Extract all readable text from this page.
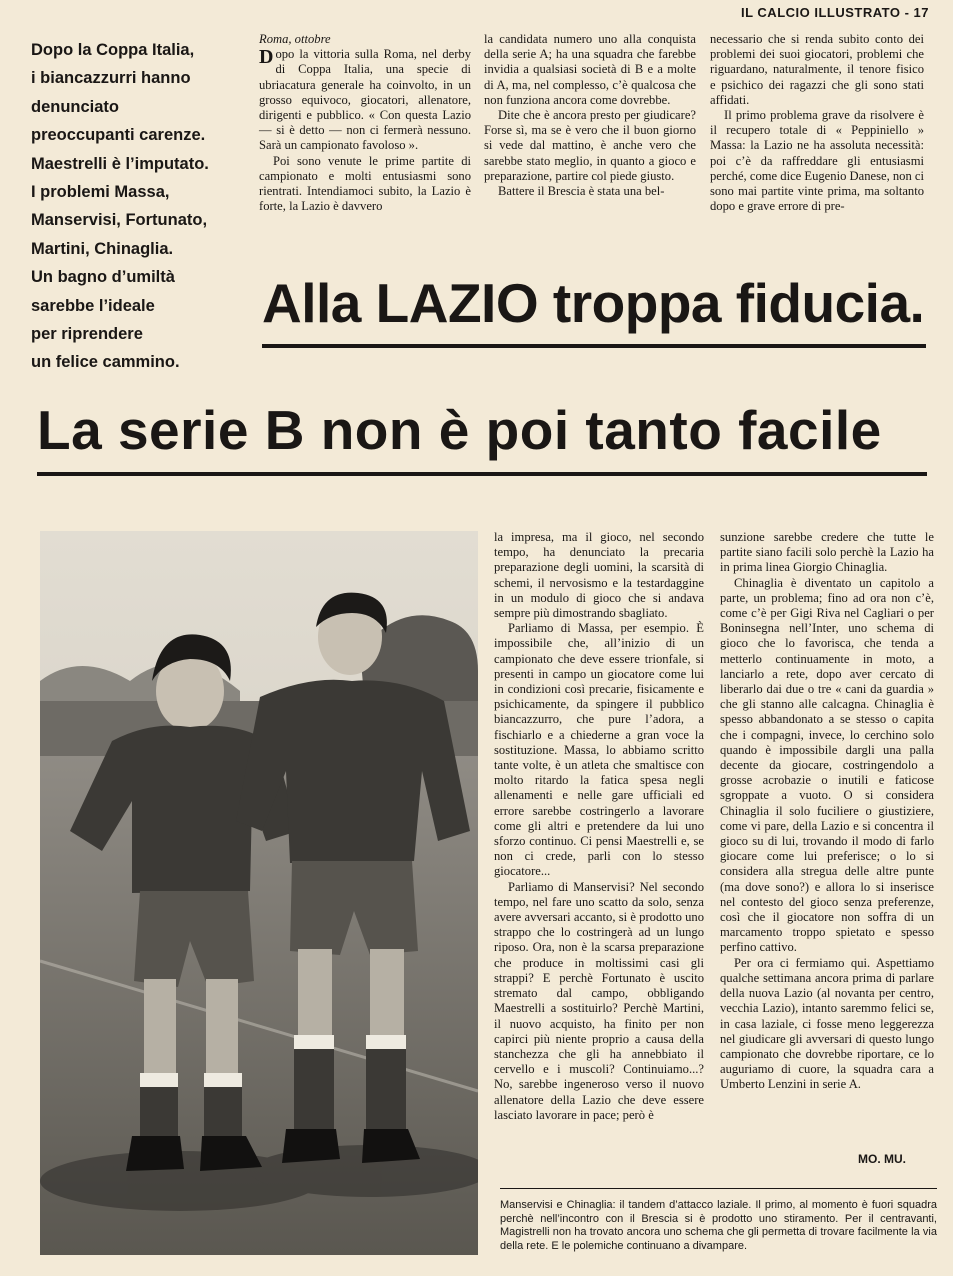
IL CALCIO ILLUSTRATO - 17
Dopo la Coppa Italia,
i biancazzurri hanno
denunciato
preoccupanti carenze.
Maestrelli è l’imputato.
I problemi Massa,
Manservisi, Fortunato,
Martini, Chinaglia.
Un bagno d’umiltà
sarebbe l’ideale
per riprendere
un felice cammino.

Roma, ottobre

Dopo la vittoria sulla Roma, nel derby di Coppa Italia, una specie di ubriacatura generale ha coinvolto, in un grosso equivoco, giocatori, allenatore, dirigenti e pubblico. « Con questa Lazio — si è detto — non ci fermerà nessuno. Sarà un campionato favoloso ».

Poi sono venute le prime partite di campionato e molti entusiasmi sono rientrati. Intendiamoci subito, la Lazio è forte, la Lazio è davvero

la candidata numero uno alla conquista della serie A; ha una squadra che farebbe invidia a qualsiasi società di B e a molte di A, ma, nel complesso, c’è qualcosa che non funziona ancora come dovrebbe.

Dite che è ancora presto per giudicare? Forse sì, ma se è vero che il buon giorno si vede dal mattino, è anche vero che sarebbe stato meglio, in quanto a gioco e preparazione, partire col piede giusto.

Battere il Brescia è stata una bel-

necessario che si renda subito conto dei problemi dei suoi giocatori, problemi che riguardano, naturalmente, il tenore fisico e psichico dei ragazzi che gli sono stati affidati.

Il primo problema grave da risolvere è il recupero totale di « Peppiniello » Massa: la Lazio ne ha assoluta necessità: poi c’è da raffreddare gli entusiasmi perché, come dice Eugenio Danese, non ci sono mai partite vinte prima, ma soltanto dopo e grave errore di pre-

Alla LAZIO troppa fiducia.
La serie B non è poi tanto facile

la impresa, ma il gioco, nel secondo tempo, ha denunciato la precaria preparazione degli uomini, la scarsità di schemi, il nervosismo e la testardaggine in un modulo di gioco che si andava sempre più dimostrando sbagliato.

Parliamo di Massa, per esempio. È impossibile che, all’inizio di un campionato che deve essere trionfale, si presenti in campo un giocatore come lui in condizioni così precarie, fisicamente e psichicamente, da spingere il pubblico biancazzurro, che pure l’adora, a fischiarlo e a chiederne a gran voce la sostituzione. Massa, lo abbiamo scritto tante volte, è un atleta che smaltisce con molto ritardo la fatica spesa negli allenamenti e nelle gare ufficiali ed errore sarebbe costringerlo a lavorare come gli altri e pretendere da lui uno sforzo continuo. Ci pensi Maestrelli e, se non ci crede, parli con lo stesso giocatore...

Parliamo di Manservisi? Nel secondo tempo, nel fare uno scatto da solo, senza avere avversari accanto, si è prodotto uno strappo che lo costringerà ad un lungo riposo. Ora, non è la scarsa preparazione che produce in moltissimi casi gli strappi? E perchè Fortunato è uscito stremato dal campo, obbligando Maestrelli a sostituirlo? Perchè Martini, il nuovo acquisto, ha finito per non capirci più niente proprio a causa della stanchezza che gli ha annebbiato il cervello e i muscoli? Continuiamo...? No, sarebbe ingeneroso verso il nuovo allenatore della Lazio che deve essere lasciato lavorare in pace; però è

sunzione sarebbe credere che tutte le partite siano facili solo perchè la Lazio ha in prima linea Giorgio Chinaglia.

Chinaglia è diventato un capitolo a parte, un problema; fino ad ora non c’è, come c’è per Gigi Riva nel Cagliari o per Boninsegna nell’Inter, uno schema di gioco che lo favorisca, che tenda a metterlo continuamente in moto, a lanciarlo a rete, dopo aver cercato di liberarlo dai due o tre « cani da guardia » che gli stanno alle calcagna. Chinaglia è spesso abbandonato a se stesso o capita che i compagni, invece, lo cerchino solo quando è impossibile dargli una palla decente da giocare, costringendolo a grosse acrobazie o inutili e faticose sgroppate a vuoto. O si considera Chinaglia il solo fuciliere o giustiziere, come vi pare, della Lazio e si concentra il gioco su di lui, trovando il modo di farlo giocare come lui preferisce; o lo si considera alla stregua delle altre punte (ma dove sono?) e allora lo si inserisce nel contesto del gioco senza preferenze, così che il giocatore non soffra di un marcamento troppo spietato e spesso perfino cattivo.

Per ora ci fermiamo qui. Aspettiamo qualche settimana ancora prima di parlare della nuova Lazio (al novanta per centro, vecchia Lazio), intanto saremmo felici se, in casa laziale, ci fosse meno leggerezza nel giudicare gli avversari di questo lungo campionato che dovrebbe riportare, ce lo auguriamo di cuore, la squadra cara a Umberto Lenzini in serie A.

MO. MU.
Manservisi e Chinaglia: il tandem d’attacco laziale. Il primo, al momento è fuori squadra perchè nell’incontro con il Brescia si è prodotto uno stiramento. Per il centravanti, Magistrelli non ha trovato ancora uno schema che gli permetta di trovare facilmente la via della rete. E le polemiche continuano a divampare.
